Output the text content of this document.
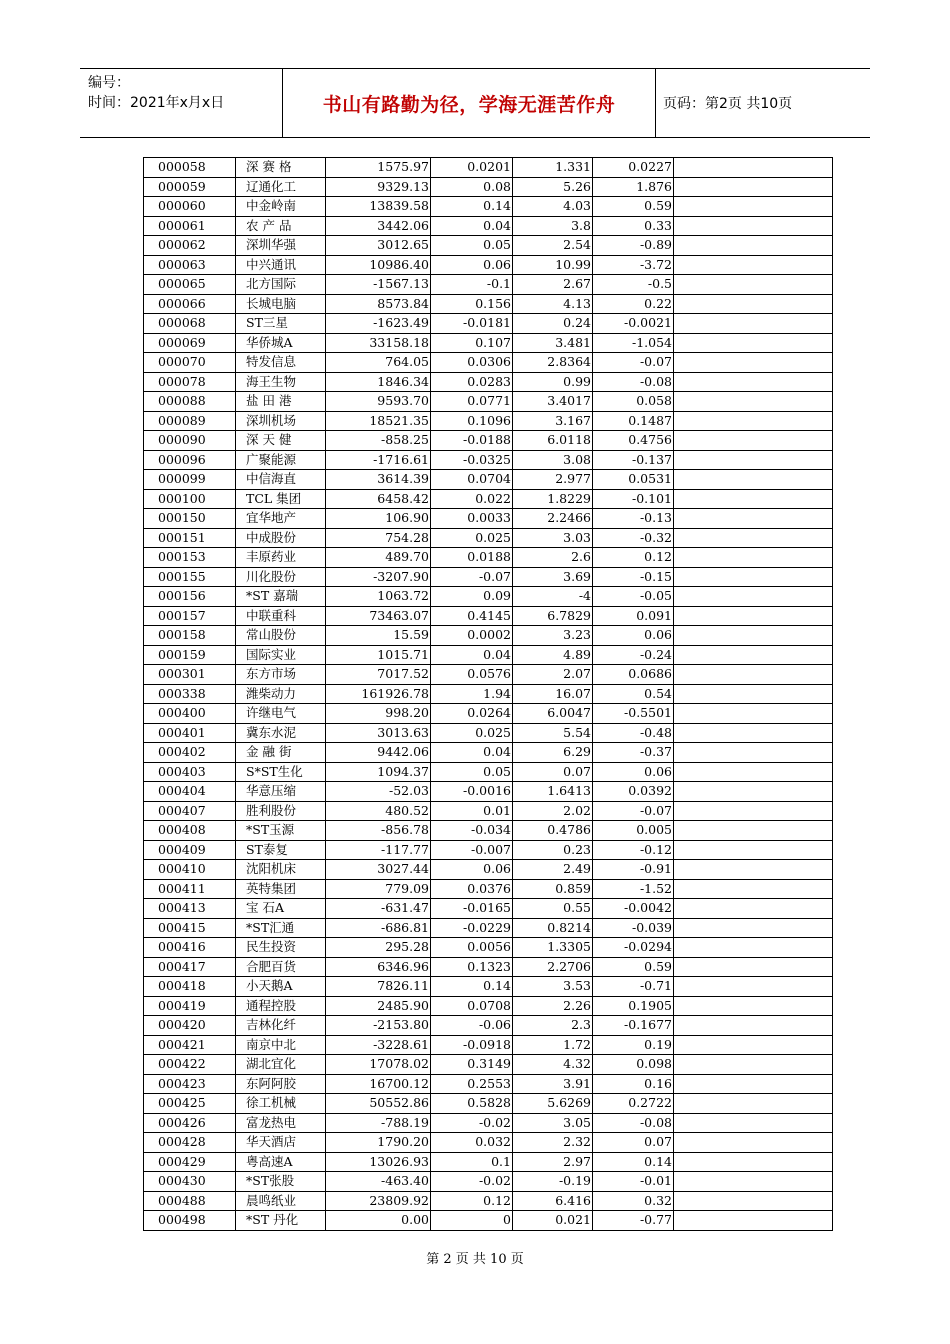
编号：
时间：2021年x月x日	书山有路勤为径，学海无涯苦作舟	页码：第2页 共10页
000058	深 赛 格	1575.97	0.0201	1.331	0.0227	
000059	辽通化工	9329.13	0.08	5.26	1.876	
000060	中金岭南	13839.58	0.14	4.03	0.59	
000061	农 产 品	3442.06	0.04	3.8	0.33	
000062	深圳华强	3012.65	0.05	2.54	-0.89	
000063	中兴通讯	10986.40	0.06	10.99	-3.72	
000065	北方国际	-1567.13	-0.1	2.67	-0.5	
000066	长城电脑	8573.84	0.156	4.13	0.22	
000068	ST三星	-1623.49	-0.0181	0.24	-0.0021	
000069	华侨城A	33158.18	0.107	3.481	-1.054	
000070	特发信息	764.05	0.0306	2.8364	-0.07	
000078	海王生物	1846.34	0.0283	0.99	-0.08	
000088	盐 田 港	9593.70	0.0771	3.4017	0.058	
000089	深圳机场	18521.35	0.1096	3.167	0.1487	
000090	深 天 健	-858.25	-0.0188	6.0118	0.4756	
000096	广聚能源	-1716.61	-0.0325	3.08	-0.137	
000099	中信海直	3614.39	0.0704	2.977	0.0531	
000100	TCL 集团	6458.42	0.022	1.8229	-0.101	
000150	宜华地产	106.90	0.0033	2.2466	-0.13	
000151	中成股份	754.28	0.025	3.03	-0.32	
000153	丰原药业	489.70	0.0188	2.6	0.12	
000155	川化股份	-3207.90	-0.07	3.69	-0.15	
000156	*ST 嘉瑞	1063.72	0.09	-4	-0.05	
000157	中联重科	73463.07	0.4145	6.7829	0.091	
000158	常山股份	15.59	0.0002	3.23	0.06	
000159	国际实业	1015.71	0.04	4.89	-0.24	
000301	东方市场	7017.52	0.0576	2.07	0.0686	
000338	潍柴动力	161926.78	1.94	16.07	0.54	
000400	许继电气	998.20	0.0264	6.0047	-0.5501	
000401	冀东水泥	3013.63	0.025	5.54	-0.48	
000402	金 融 街	9442.06	0.04	6.29	-0.37	
000403	S*ST生化	1094.37	0.05	0.07	0.06	
000404	华意压缩	-52.03	-0.0016	1.6413	0.0392	
000407	胜利股份	480.52	0.01	2.02	-0.07	
000408	*ST玉源	-856.78	-0.034	0.4786	0.005	
000409	ST泰复	-117.77	-0.007	0.23	-0.12	
000410	沈阳机床	3027.44	0.06	2.49	-0.91	
000411	英特集团	779.09	0.0376	0.859	-1.52	
000413	宝 石A	-631.47	-0.0165	0.55	-0.0042	
000415	*ST汇通	-686.81	-0.0229	0.8214	-0.039	
000416	民生投资	295.28	0.0056	1.3305	-0.0294	
000417	合肥百货	6346.96	0.1323	2.2706	0.59	
000418	小天鹅A	7826.11	0.14	3.53	-0.71	
000419	通程控股	2485.90	0.0708	2.26	0.1905	
000420	吉林化纤	-2153.80	-0.06	2.3	-0.1677	
000421	南京中北	-3228.61	-0.0918	1.72	0.19	
000422	湖北宜化	17078.02	0.3149	4.32	0.098	
000423	东阿阿胶	16700.12	0.2553	3.91	0.16	
000425	徐工机械	50552.86	0.5828	5.6269	0.2722	
000426	富龙热电	-788.19	-0.02	3.05	-0.08	
000428	华天酒店	1790.20	0.032	2.32	0.07	
000429	粤高速A	13026.93	0.1	2.97	0.14	
000430	*ST张股	-463.40	-0.02	-0.19	-0.01	
000488	晨鸣纸业	23809.92	0.12	6.416	0.32	
000498	*ST 丹化	0.00	0	0.021	-0.77	
第 2 页 共 10 页
